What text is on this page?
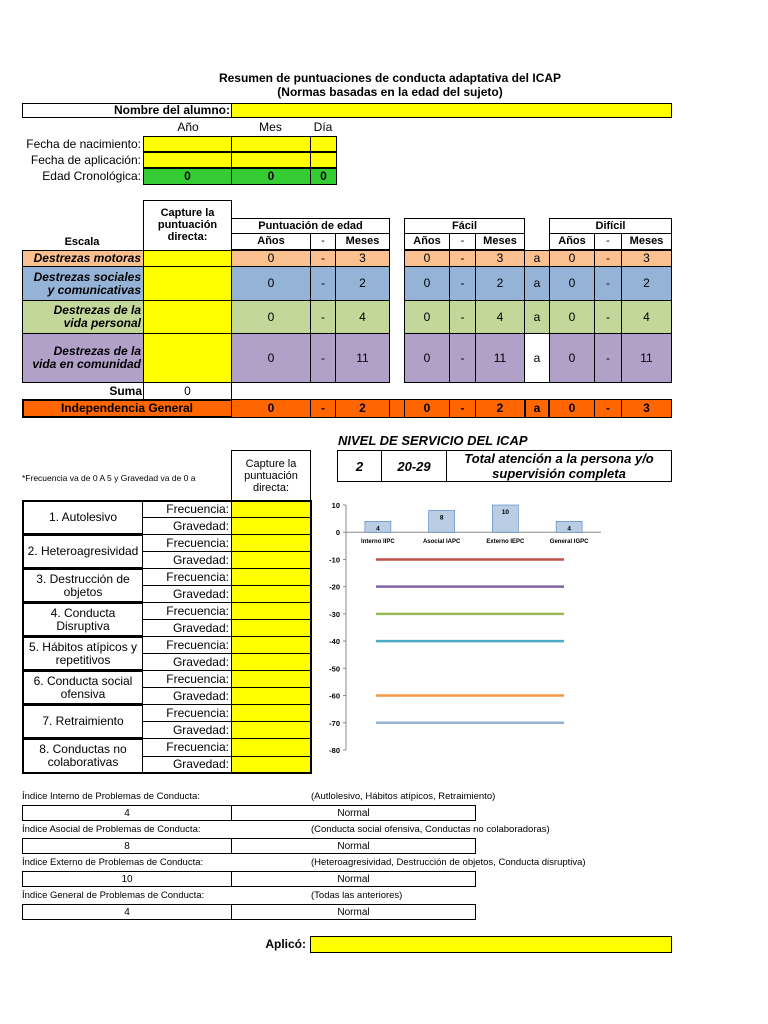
Resumen de puntuaciones de conducta adaptativa del ICAP
(Normas basadas en la edad del sujeto)
Nombre del alumno:
Año	Mes	Día
Fecha de nacimiento:
Fecha de aplicación:
Edad Cronológica:	0	0	0
Capture la puntuación directa:
Escala
Puntuación de edad
Años	-	Meses
Fácil
Años	-	Meses
Difícil
Años	-	Meses
Destrezas motoras	0	-	3	0	-	3	a	0	-	3
Destrezas sociales
y comunicativas	0	-	2	0	-	2	a	0	-	2
Destrezas de la
vida personal	0	-	4	0	-	4	a	0	-	4
Destrezas de la
vida en comunidad	0	-	11	0	-	11	a	0	-	11
Suma	0
Independencia General	0	-	2	0	-	2	a	0	-	3
NIVEL DE SERVICIO DEL ICAP
2	20-29	Total atención a la persona y/o
supervisión completa
*Frecuencia va de 0 A 5 y Gravedad va de 0 a
Capture la puntuación directa:
1. Autolesivo
Frecuencia:
Gravedad:
2. Heteroagresividad
Frecuencia:
Gravedad:
3. Destrucción de
objetos
Frecuencia:
Gravedad:
4. Conducta
Disruptiva
Frecuencia:
Gravedad:
5. Hábitos atípicos y
repetitivos
Frecuencia:
Gravedad:
6. Conducta social
ofensiva
Frecuencia:
Gravedad:
7. Retraimiento
Frecuencia:
Gravedad:
8. Conductas no
colaborativas
Frecuencia:
Gravedad:
10
0
-10
-20
-30
-40
-50
-60
-70
-80
4
Interno IIPC
8
Asocial IAPC
10
Externo IEPC
4
General IGPC
Índice Interno de Problemas de Conducta:	(Autlolesivo, Hábitos atípicos, Retraimiento)
4	Normal
Índice Asocial de Problemas de Conducta:	(Conducta social ofensiva, Conductas no colaboradoras)
8	Normal
Índice Externo de Problemas de Conducta:	(Heteroagresividad, Destrucción de objetos, Conducta disruptiva)
10	Normal
Índice General de Problemas de Conducta:	(Todas las anteriores)
4	Normal
Aplicó:
